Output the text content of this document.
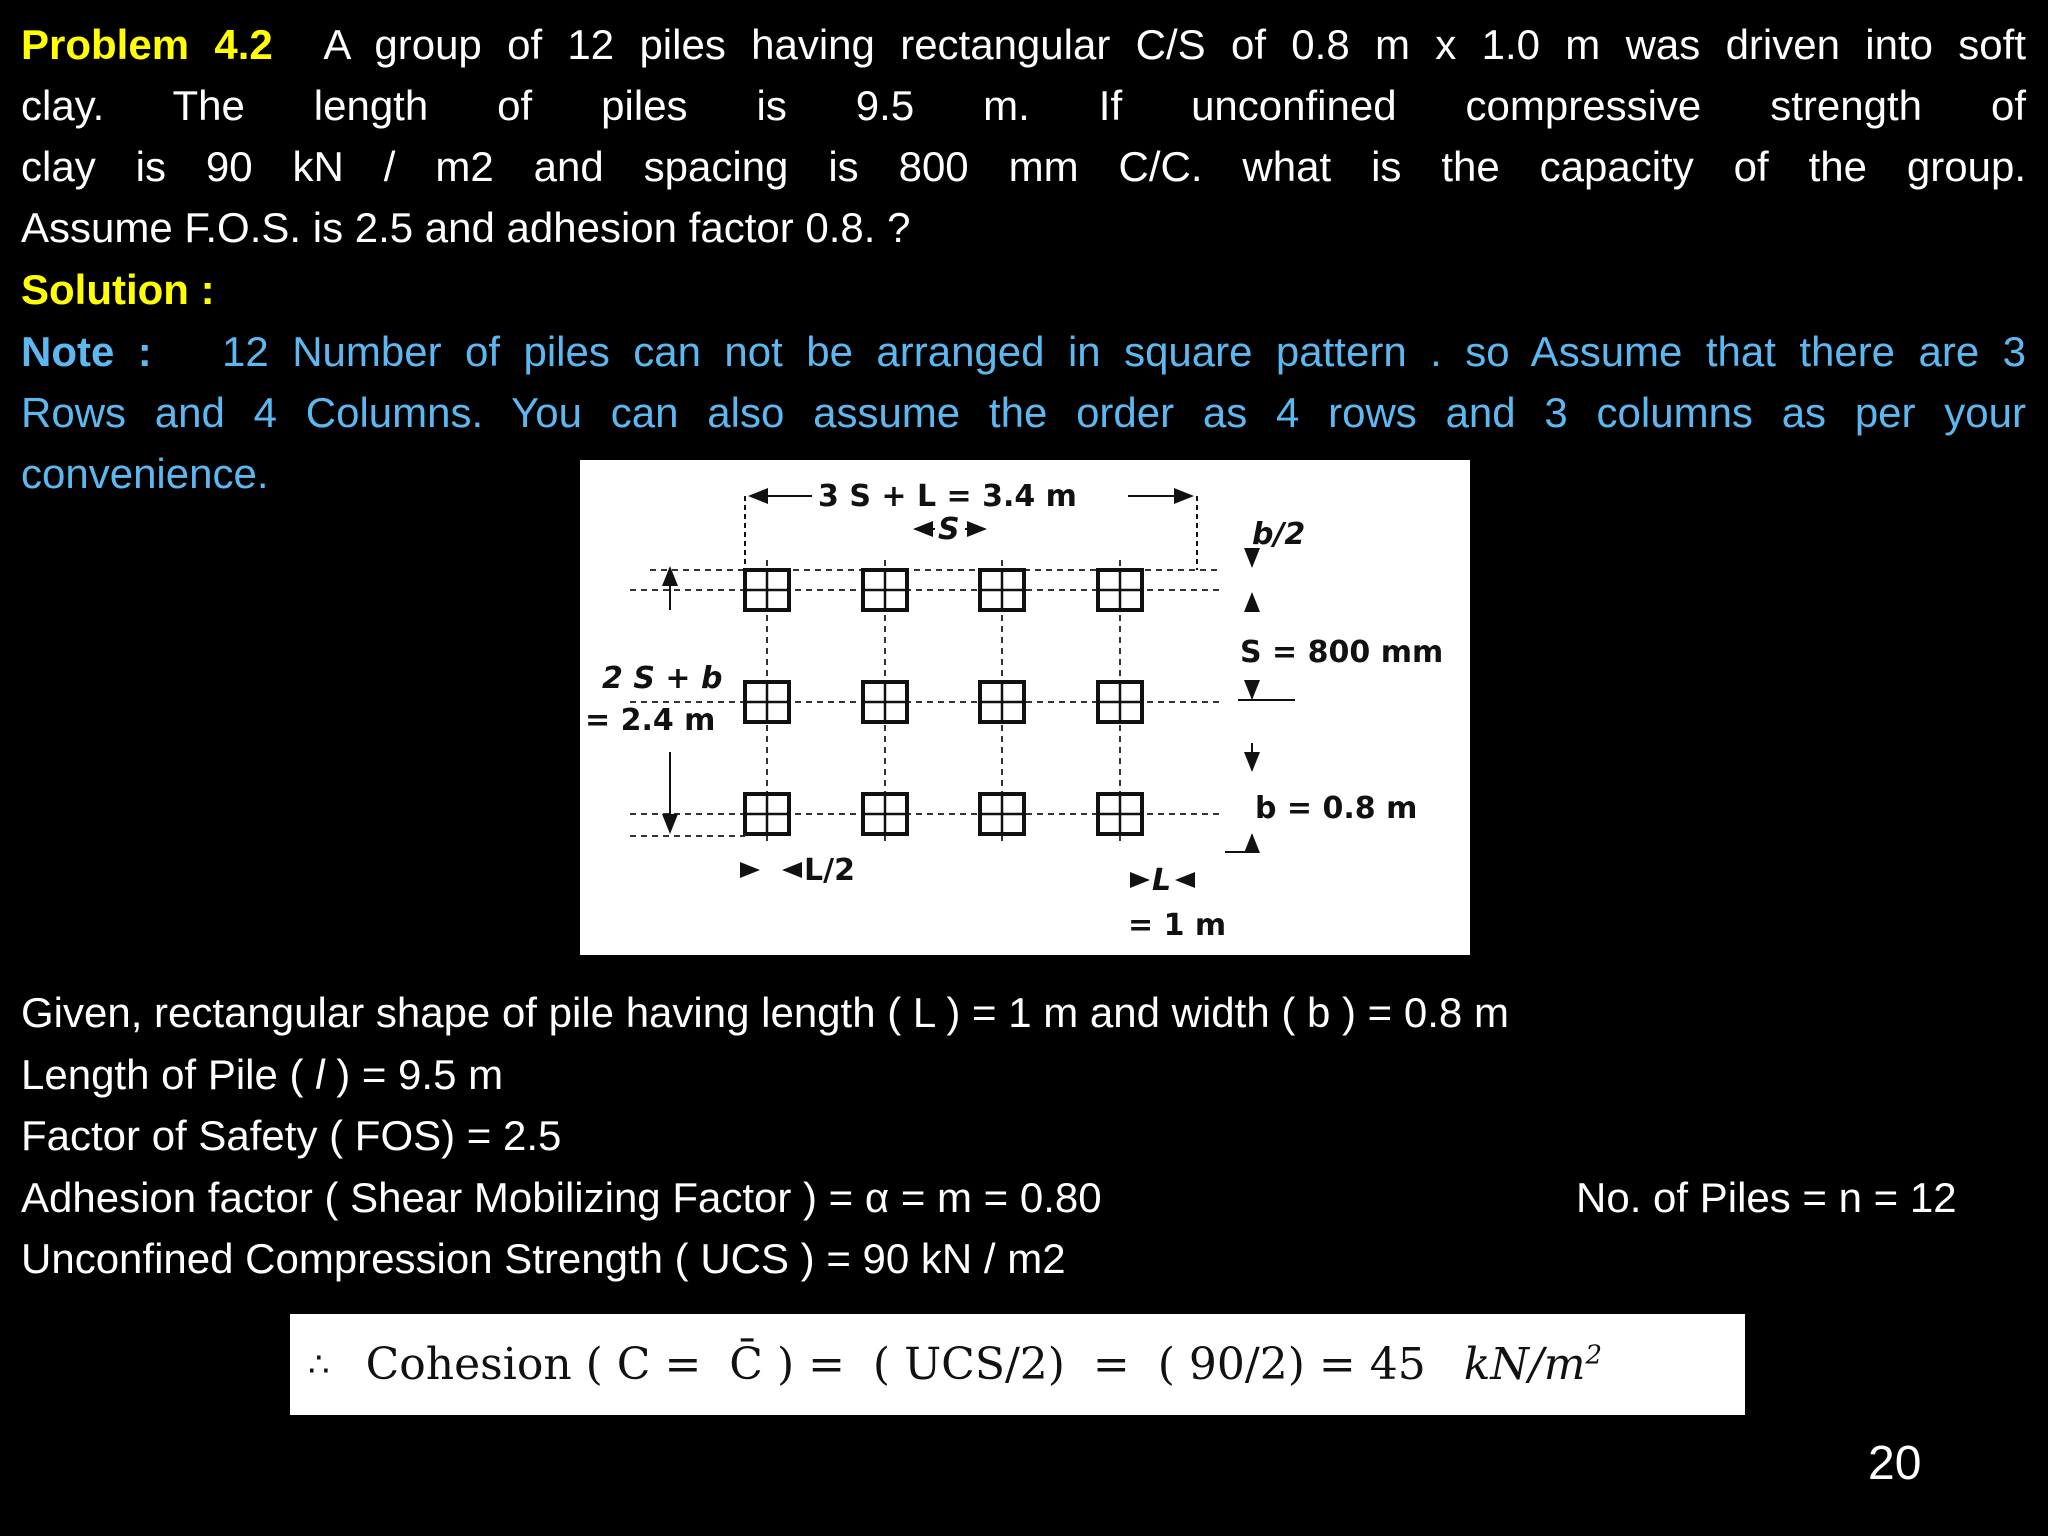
Problem 4.2 A group of 12 piles having rectangular C/S of 0.8 m x 1.0 m was driven into soft
clay. The length of piles is 9.5 m. If unconfined compressive strength of
clay is 90 kN / m2 and spacing is 800 mm C/C. what is the capacity of the group.
Assume F.O.S. is 2.5 and adhesion factor 0.8. ?
Solution :
Note : 12 Number of piles can not be arranged in square pattern . so Assume that there are 3
Rows and 4 Columns. You can also assume the order as 4 rows and 3 columns as per your
convenience.	3 S + L = 3.4 m
S	b/2
S = 800 mm
2 S + b
= 2.4 m
b = 0.8 m
L/2	L
= 1 m
Given, rectangular shape of pile having length ( L ) = 1 m and width ( b ) = 0.8 m
Length of Pile ( l ) = 9.5 m
Factor of Safety ( FOS) = 2.5
Adhesion factor ( Shear Mobilizing Factor ) = α = m = 0.80	No. of Piles = n = 12
Unconfined Compression Strength ( UCS ) = 90 kN / m2
∴ Cohesion ( C =  C̄ ) =  ( UCS/2)  =  ( 90/2) = 45 $kN/m^2$
20
